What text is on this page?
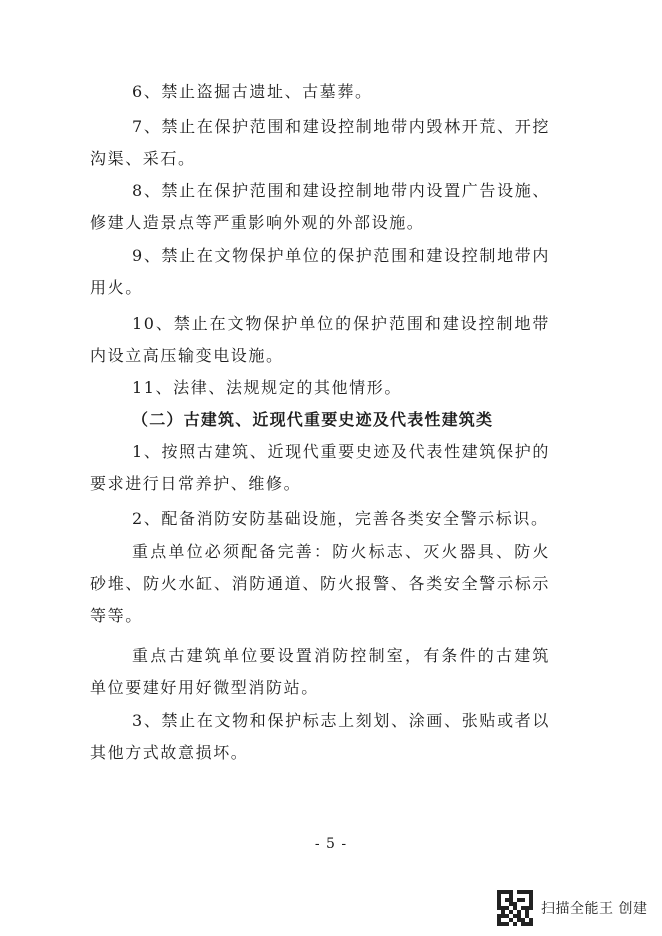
6、禁止盗掘古遗址、古墓葬。

7、禁止在保护范围和建设控制地带内毁林开荒、开挖沟渠、采石。

8、禁止在保护范围和建设控制地带内设置广告设施、修建人造景点等严重影响外观的外部设施。

9、禁止在文物保护单位的保护范围和建设控制地带内用火。

10、禁止在文物保护单位的保护范围和建设控制地带内设立高压输变电设施。

11、法律、法规规定的其他情形。

（二）古建筑、近现代重要史迹及代表性建筑类

1、按照古建筑、近现代重要史迹及代表性建筑保护的要求进行日常养护、维修。

2、配备消防安防基础设施，完善各类安全警示标识。

重点单位必须配备完善：防火标志、灭火器具、防火砂堆、防火水缸、消防通道、防火报警、各类安全警示标示等等。

重点古建筑单位要设置消防控制室，有条件的古建筑单位要建好用好微型消防站。

3、禁止在文物和保护标志上刻划、涂画、张贴或者以其他方式故意损坏。

- 5 -
扫描全能王 创建
